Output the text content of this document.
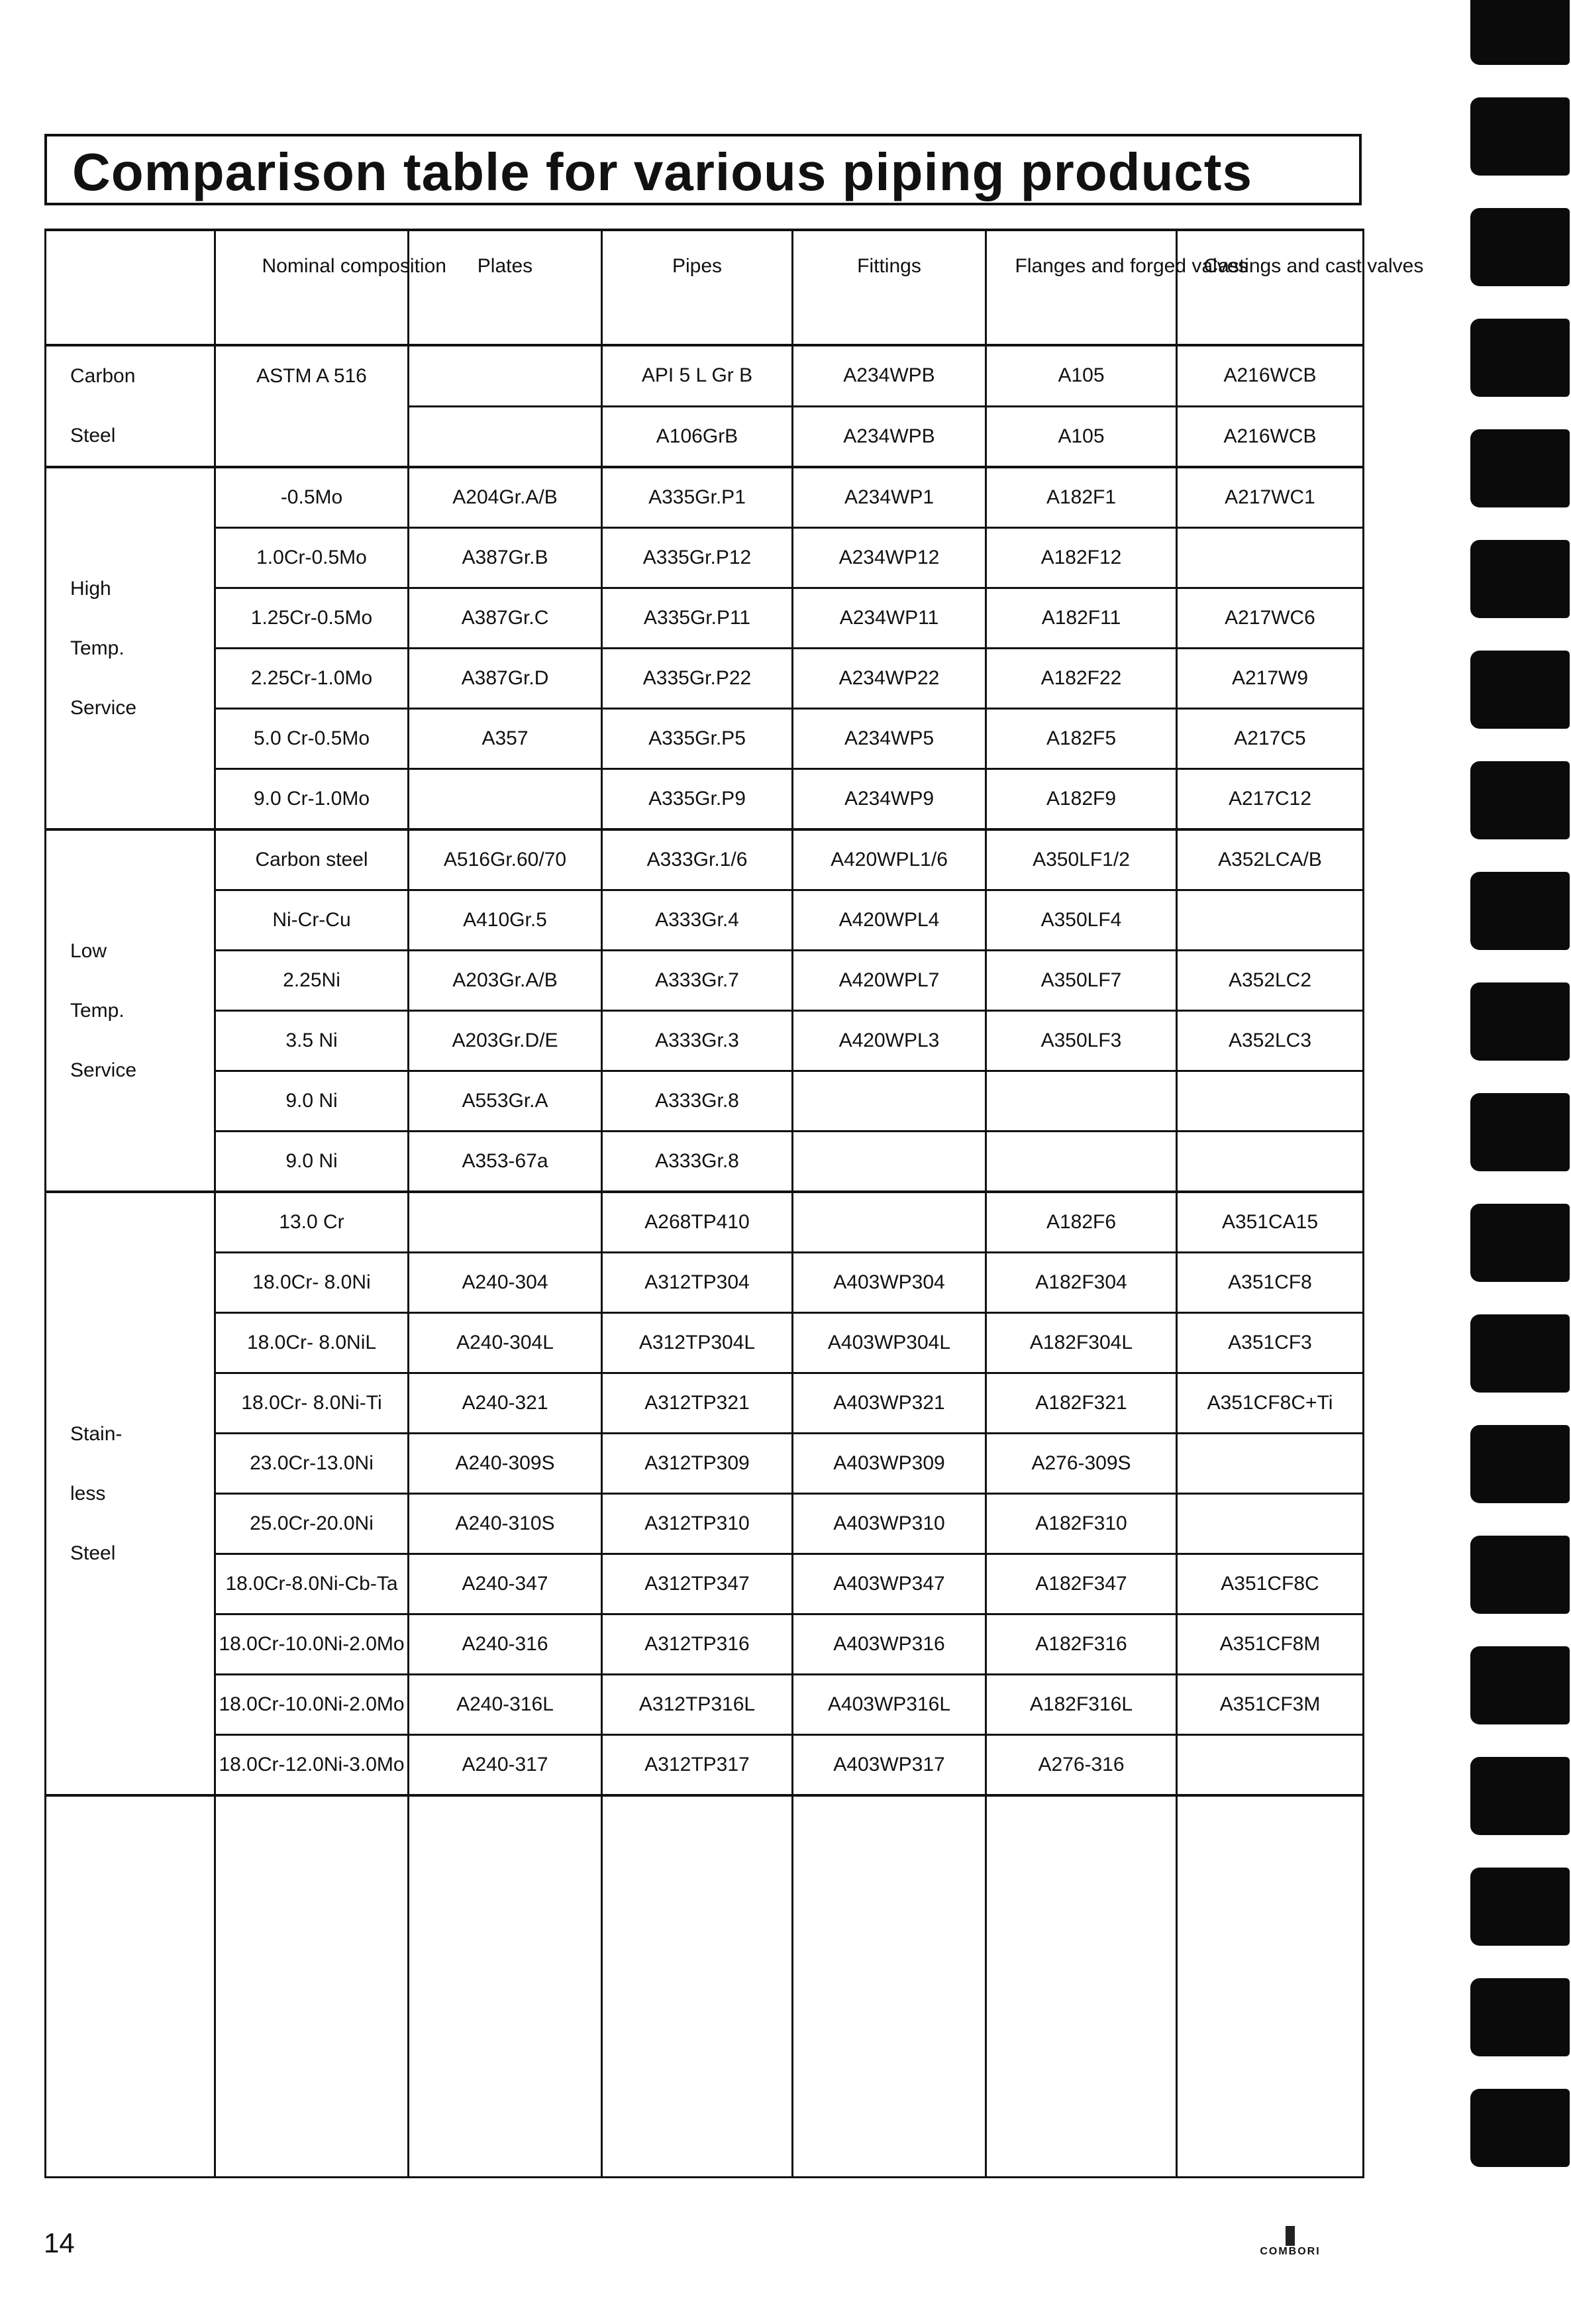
Comparison table for various piping products
	Nominal composition	Plates	Pipes	Fittings	Flanges and forged valves	Castings and cast valves

Carbon
Steel	ASTM A 516		API 5 L Gr B	A234WPB	A105	A216WCB
			A106GrB	A234WPB	A105	A216WCB

High
Temp.
Service	-0.5Mo	A204Gr.A/B	A335Gr.P1	A234WP1	A182F1	A217WC1
	1.0Cr-0.5Mo	A387Gr.B	A335Gr.P12	A234WP12	A182F12	
	1.25Cr-0.5Mo	A387Gr.C	A335Gr.P11	A234WP11	A182F11	A217WC6
	2.25Cr-1.0Mo	A387Gr.D	A335Gr.P22	A234WP22	A182F22	A217W9
	5.0 Cr-0.5Mo	A357	A335Gr.P5	A234WP5	A182F5	A217C5
	9.0 Cr-1.0Mo		A335Gr.P9	A234WP9	A182F9	A217C12

Low
Temp.
Service	Carbon steel	A516Gr.60/70	A333Gr.1/6	A420WPL1/6	A350LF1/2	A352LCA/B
	Ni-Cr-Cu	A410Gr.5	A333Gr.4	A420WPL4	A350LF4	
	2.25Ni	A203Gr.A/B	A333Gr.7	A420WPL7	A350LF7	A352LC2
	3.5 Ni	A203Gr.D/E	A333Gr.3	A420WPL3	A350LF3	A352LC3
	9.0 Ni	A553Gr.A	A333Gr.8			
	9.0 Ni	A353-67a	A333Gr.8			

Stain-
less
Steel	13.0 Cr		A268TP410		A182F6	A351CA15
	18.0Cr- 8.0Ni	A240-304	A312TP304	A403WP304	A182F304	A351CF8
	18.0Cr- 8.0NiL	A240-304L	A312TP304L	A403WP304L	A182F304L	A351CF3
	18.0Cr- 8.0Ni-Ti	A240-321	A312TP321	A403WP321	A182F321	A351CF8C+Ti
	23.0Cr-13.0Ni	A240-309S	A312TP309	A403WP309	A276-309S	
	25.0Cr-20.0Ni	A240-310S	A312TP310	A403WP310	A182F310	
	18.0Cr-8.0Ni-Cb-Ta	A240-347	A312TP347	A403WP347	A182F347	A351CF8C
	18.0Cr-10.0Ni-2.0Mo	A240-316	A312TP316	A403WP316	A182F316	A351CF8M
	18.0Cr-10.0Ni-2.0Mo	A240-316L	A312TP316L	A403WP316L	A182F316L	A351CF3M
	18.0Cr-12.0Ni-3.0Mo	A240-317	A312TP317	A403WP317	A276-316	

14	COMBORI
